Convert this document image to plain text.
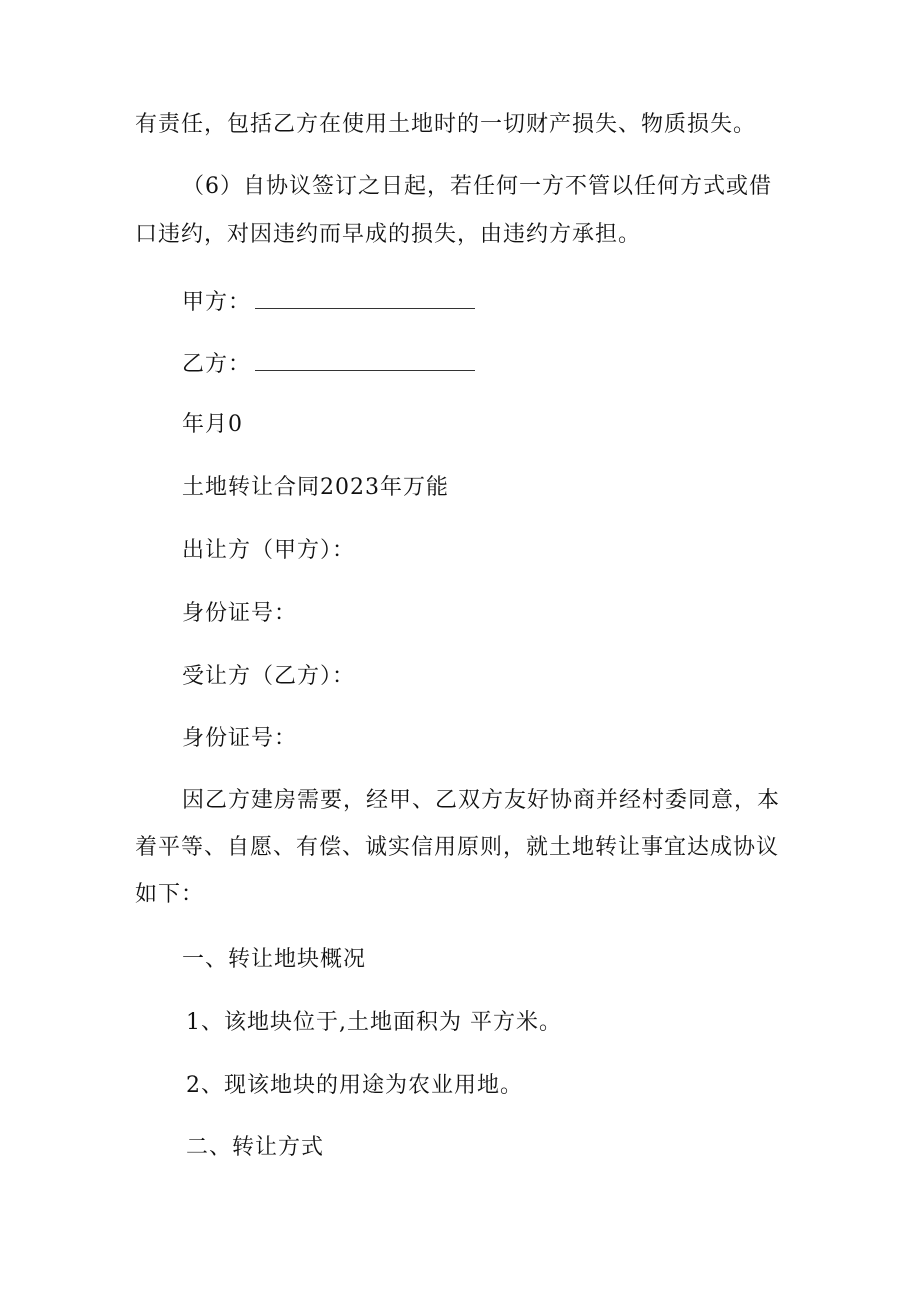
有责任，包括乙方在使用土地时的一切财产损失、物质损失。
（6）自协议签订之日起，若任何一方不管以任何方式或借
口违约，对因违约而早成的损失，由违约方承担。
甲方：
乙方：
年月0
土地转让合同2023年万能
出让方（甲方）：
身份证号：
受让方（乙方）：
身份证号：
因乙方建房需要，经甲、乙双方友好协商并经村委同意，本
着平等、自愿、有偿、诚实信用原则，就土地转让事宜达成协议
如下：
一、转让地块概况
1、该地块位于,土地面积为 平方米。
2、现该地块的用途为农业用地。
二、转让方式
